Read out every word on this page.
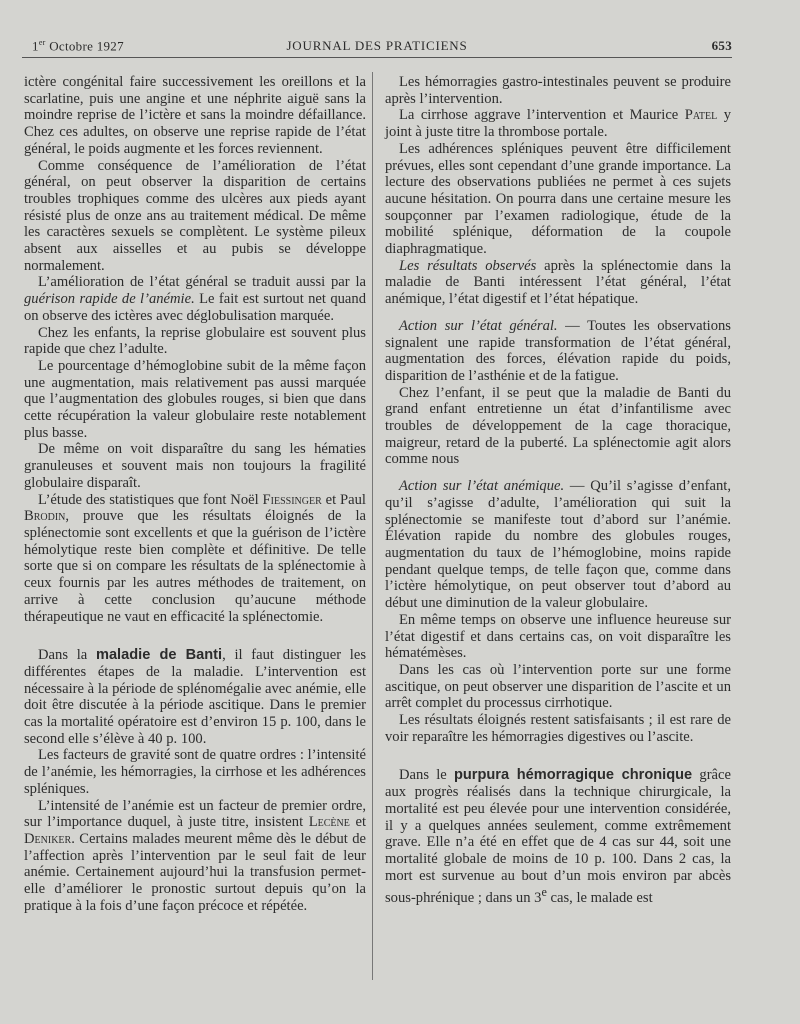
1er Octobre 1927	JOURNAL DES PRATICIENS	653

ictère congénital faire successivement les oreillons et la scarlatine, puis une angine et une néphrite aiguë sans la moindre reprise de l’ictère et sans la moindre défaillance. Chez ces adultes, on observe une reprise rapide de l’état général, le poids augmente et les forces reviennent.

Comme conséquence de l’amélioration de l’état général, on peut observer la disparition de certains troubles trophiques comme des ulcères aux pieds ayant résisté plus de onze ans au traitement médical. De même les caractères sexuels se complètent. Le système pileux absent aux aisselles et au pubis se développe normalement.

L’amélioration de l’état général se traduit aussi par la guérison rapide de l’anémie. Le fait est surtout net quand on observe des ictères avec déglobulisation marquée.

Chez les enfants, la reprise globulaire est souvent plus rapide que chez l’adulte.

Le pourcentage d’hémoglobine subit de la même façon une augmentation, mais relativement pas aussi marquée que l’augmentation des globules rouges, si bien que dans cette récupération la valeur globulaire reste notablement plus basse.

De même on voit disparaître du sang les hématies granuleuses et souvent mais non toujours la fragilité globulaire disparaît.

L’étude des statistiques que font Noël Fiessinger et Paul Brodin, prouve que les résultats éloignés de la splénectomie sont excellents et que la guérison de l’ictère hémolytique reste bien complète et définitive. De telle sorte que si on compare les résultats de la splénectomie à ceux fournis par les autres méthodes de traitement, on arrive à cette conclusion qu’aucune méthode thérapeutique ne vaut en efficacité la splénectomie.

Dans la maladie de Banti, il faut distinguer les différentes étapes de la maladie. L’intervention est nécessaire à la période de splénomégalie avec anémie, elle doit être discutée à la période ascitique. Dans le premier cas la mortalité opératoire est d’environ 15 p. 100, dans le second elle s’élève à 40 p. 100.

Les facteurs de gravité sont de quatre ordres : l’intensité de l’anémie, les hémorragies, la cirrhose et les adhérences spléniques.

L’intensité de l’anémie est un facteur de premier ordre, sur l’importance duquel, à juste titre, insistent Lecène et Deniker. Certains malades meurent même dès le début de l’affection après l’intervention par le seul fait de leur anémie. Certainement aujourd’hui la transfusion permet-elle d’améliorer le pronostic surtout depuis qu’on la pratique à la fois d’une façon précoce et répétée.

Les hémorragies gastro-intestinales peuvent se produire après l’intervention.

La cirrhose aggrave l’intervention et Maurice Patel y joint à juste titre la thrombose portale.

Les adhérences spléniques peuvent être difficilement prévues, elles sont cependant d’une grande importance. La lecture des observations publiées ne permet à ces sujets aucune hésitation. On pourra dans une certaine mesure les soupçonner par l’examen radiologique, étude de la mobilité splénique, déformation de la coupole diaphragmatique.

Les résultats observés après la splénectomie dans la maladie de Banti intéressent l’état général, l’état anémique, l’état digestif et l’état hépatique.

Action sur l’état général. — Toutes les observations signalent une rapide transformation de l’état général, augmentation des forces, élévation rapide du poids, disparition de l’asthénie et de la fatigue.

Chez l’enfant, il se peut que la maladie de Banti du grand enfant entretienne un état d’infantilisme avec troubles de développement de la cage thoracique, maigreur, retard de la puberté. La splénectomie agit alors comme nous

Action sur l’état anémique. — Qu’il s’agisse d’enfant, qu’il s’agisse d’adulte, l’amélioration qui suit la splénectomie se manifeste tout d’abord sur l’anémie. Élévation rapide du nombre des globules rouges, augmentation du taux de l’hémoglobine, moins rapide pendant quelque temps, de telle façon que, comme dans l’ictère hémolytique, on peut observer tout d’abord au début une diminution de la valeur globulaire.

En même temps on observe une influence heureuse sur l’état digestif et dans certains cas, on voit disparaître les hématémèses.

Dans les cas où l’intervention porte sur une forme ascitique, on peut observer une disparition de l’ascite et un arrêt complet du processus cirrhotique.

Les résultats éloignés restent satisfaisants ; il est rare de voir reparaître les hémorragies digestives ou l’ascite.

Dans le purpura hémorragique chronique grâce aux progrès réalisés dans la technique chirurgicale, la mortalité est peu élevée pour une intervention considérée, il y a quelques années seulement, comme extrêmement grave. Elle n’a été en effet que de 4 cas sur 44, soit une mortalité globale de moins de 10 p. 100. Dans 2 cas, la mort est survenue au bout d’un mois environ par abcès sous-phrénique ; dans un 3e cas, le malade est
